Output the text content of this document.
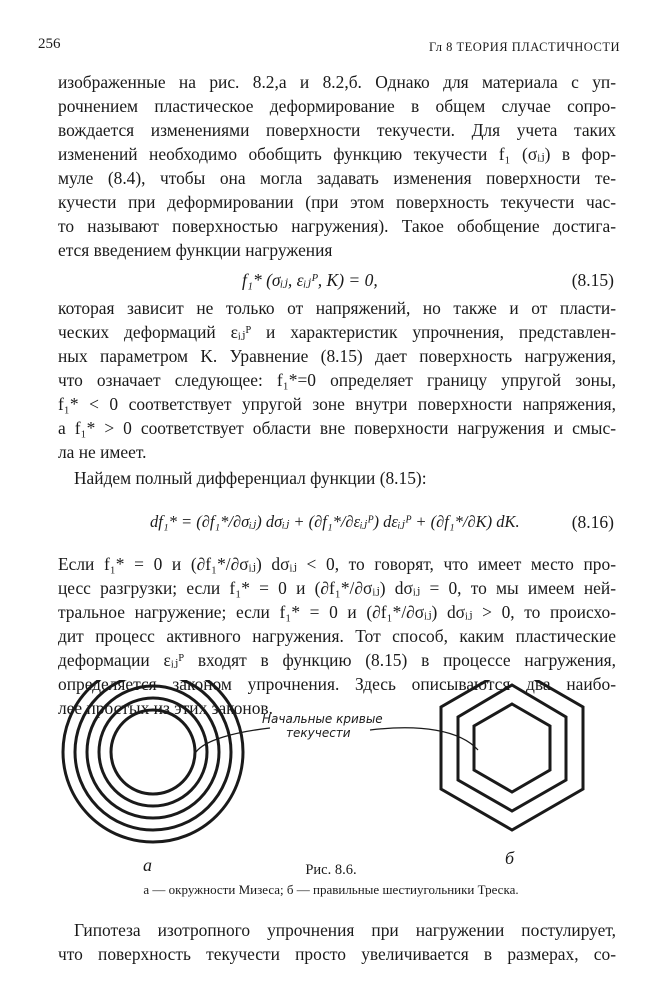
256	Гл 8 ТЕОРИЯ ПЛАСТИЧНОСТИ
изображенные на рис. 8.2,а и 8.2,б. Однако для материала с уп-
рочнением пластическое деформирование в общем случае сопро-
вождается изменениями поверхности текучести. Для учета таких
изменений необходимо обобщить функцию текучести f₁ (σᵢⱼ) в фор-
муле (8.4), чтобы она могла задавать изменения поверхности те-
кучести при деформировании (при этом поверхность текучести час-
то называют поверхностью нагружения). Такое обобщение достига-
ется введением функции нагружения
f₁* (σᵢⱼ, εᵢⱼᴾ, K) = 0,	(8.15)
которая зависит не только от напряжений, но также и от пласти-
ческих деформаций εᵢⱼᴾ и характеристик упрочнения, представлен-
ных параметром K. Уравнение (8.15) дает поверхность нагружения,
что означает следующее: f₁*=0 определяет границу упругой зоны,
f₁* < 0 соответствует упругой зоне внутри поверхности напряжения,
а f₁* > 0 соответствует области вне поверхности нагружения и смыс-
ла не имеет.
Найдем полный дифференциал функции (8.15):
df₁* = (∂f₁*/∂σᵢⱼ) dσᵢⱼ + (∂f₁*/∂εᵢⱼᴾ) dεᵢⱼᴾ + (∂f₁*/∂K) dK.	(8.16)
Если f₁* = 0 и (∂f₁*/∂σᵢⱼ) dσᵢⱼ < 0, то говорят, что имеет место про-
цесс разгрузки; если f₁* = 0 и (∂f₁*/∂σᵢⱼ) dσᵢⱼ = 0, то мы имеем ней-
тральное нагружение; если f₁* = 0 и (∂f₁*/∂σᵢⱼ) dσᵢⱼ > 0, то происхо-
дит процесс активного нагружения. Тот способ, каким пластические
деформации εᵢⱼᴾ входят в функцию (8.15) в процессе нагружения,
определяется законом упрочнения. Здесь описываются два наибо-
лее простых из этих законов.
Начальные кривые
текучести
а	б
Рис. 8.6.
а — окружности Мизеса; б — правильные шестиугольники Треска.
Гипотеза изотропного упрочнения при нагружении постулирует,
что поверхность текучести просто увеличивается в размерах, со-
